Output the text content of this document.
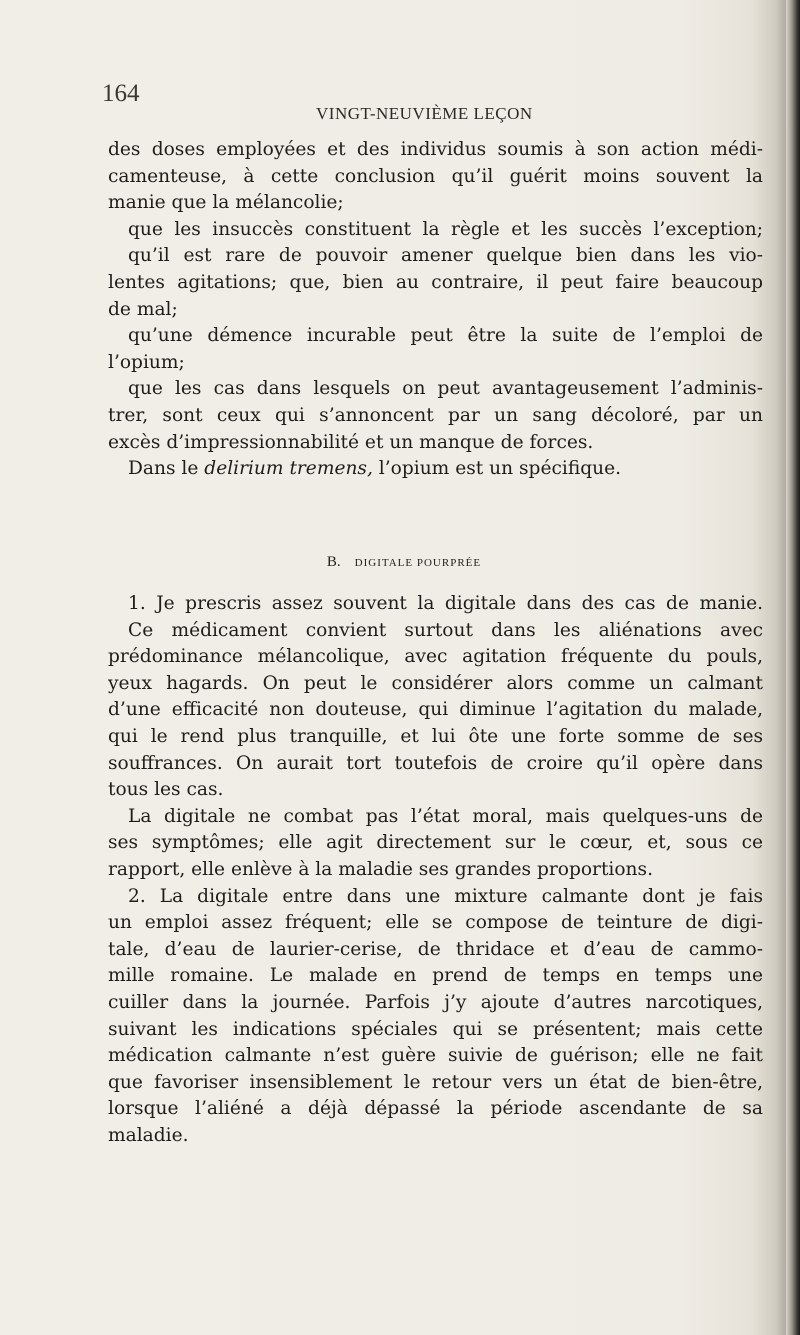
164
VINGT-NEUVIÈME LEÇON
des doses employées et des individus soumis à son action médi-
camenteuse, à cette conclusion qu’il guérit moins souvent la
manie que la mélancolie;
que les insuccès constituent la règle et les succès l’exception;
qu’il est rare de pouvoir amener quelque bien dans les vio-
lentes agitations; que, bien au contraire, il peut faire beaucoup
de mal;
qu’une démence incurable peut être la suite de l’emploi de
l’opium;
que les cas dans lesquels on peut avantageusement l’adminis-
trer, sont ceux qui s’annoncent par un sang décoloré, par un
excès d’impressionnabilité et un manque de forces.
Dans le delirium tremens, l’opium est un spécifique.
B. DIGITALE POURPRÉE
1. Je prescris assez souvent la digitale dans des cas de manie.
Ce médicament convient surtout dans les aliénations avec
prédominance mélancolique, avec agitation fréquente du pouls,
yeux hagards. On peut le considérer alors comme un calmant
d’une efficacité non douteuse, qui diminue l’agitation du malade,
qui le rend plus tranquille, et lui ôte une forte somme de ses
souffrances. On aurait tort toutefois de croire qu’il opère dans
tous les cas.
La digitale ne combat pas l’état moral, mais quelques-uns de
ses symptômes; elle agit directement sur le cœur, et, sous ce
rapport, elle enlève à la maladie ses grandes proportions.
2. La digitale entre dans une mixture calmante dont je fais
un emploi assez fréquent; elle se compose de teinture de digi-
tale, d’eau de laurier-cerise, de thridace et d’eau de cammo-
mille romaine. Le malade en prend de temps en temps une
cuiller dans la journée. Parfois j’y ajoute d’autres narcotiques,
suivant les indications spéciales qui se présentent; mais cette
médication calmante n’est guère suivie de guérison; elle ne fait
que favoriser insensiblement le retour vers un état de bien-être,
lorsque l’aliéné a déjà dépassé la période ascendante de sa
maladie.
